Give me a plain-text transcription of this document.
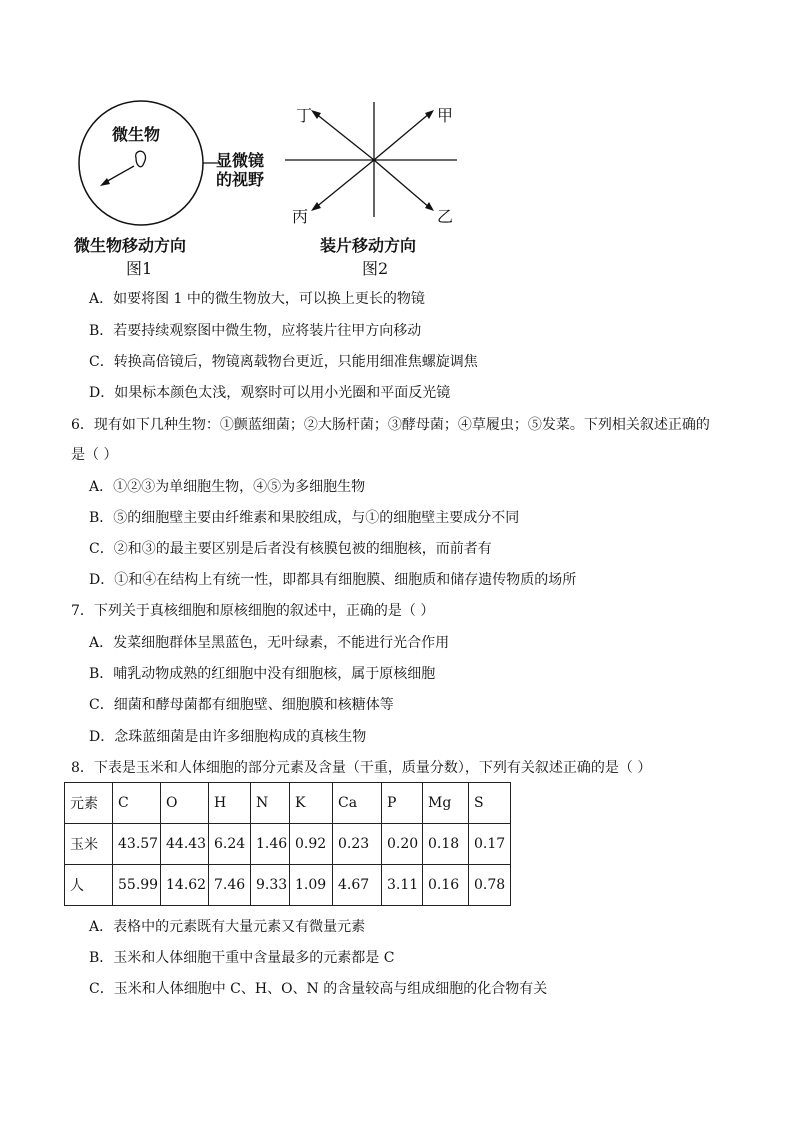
微生物
显微镜
的视野
微生物移动方向
图1
丁	甲
丙	乙
装片移动方向
图2
A．如要将图 1 中的微生物放大，可以换上更长的物镜
B．若要持续观察图中微生物，应将装片往甲方向移动
C．转换高倍镜后，物镜离载物台更近，只能用细准焦螺旋调焦
D．如果标本颜色太浅，观察时可以用小光圈和平面反光镜
6．现有如下几种生物：①颤蓝细菌；②大肠杆菌；③酵母菌；④草履虫；⑤发菜。下列相关叙述正确的
是（ ）
A．①②③为单细胞生物，④⑤为多细胞生物
B．⑤的细胞壁主要由纤维素和果胶组成，与①的细胞壁主要成分不同
C．②和③的最主要区别是后者没有核膜包被的细胞核，而前者有
D．①和④在结构上有统一性，即都具有细胞膜、细胞质和储存遗传物质的场所
7．下列关于真核细胞和原核细胞的叙述中，正确的是（ ）
A．发菜细胞群体呈黑蓝色，无叶绿素，不能进行光合作用
B．哺乳动物成熟的红细胞中没有细胞核，属于原核细胞
C．细菌和酵母菌都有细胞壁、细胞膜和核糖体等
D．念珠蓝细菌是由许多细胞构成的真核生物
8．下表是玉米和人体细胞的部分元素及含量（干重，质量分数），下列有关叙述正确的是（ ）
元素	C	O	H	N	K	Ca	P	Mg	S
玉米	43.57	44.43	6.24	1.46	0.92	0.23	0.20	0.18	0.17
人	55.99	14.62	7.46	9.33	1.09	4.67	3.11	0.16	0.78
A．表格中的元素既有大量元素又有微量元素
B．玉米和人体细胞干重中含量最多的元素都是 C
C．玉米和人体细胞中 C、H、O、N 的含量较高与组成细胞的化合物有关
